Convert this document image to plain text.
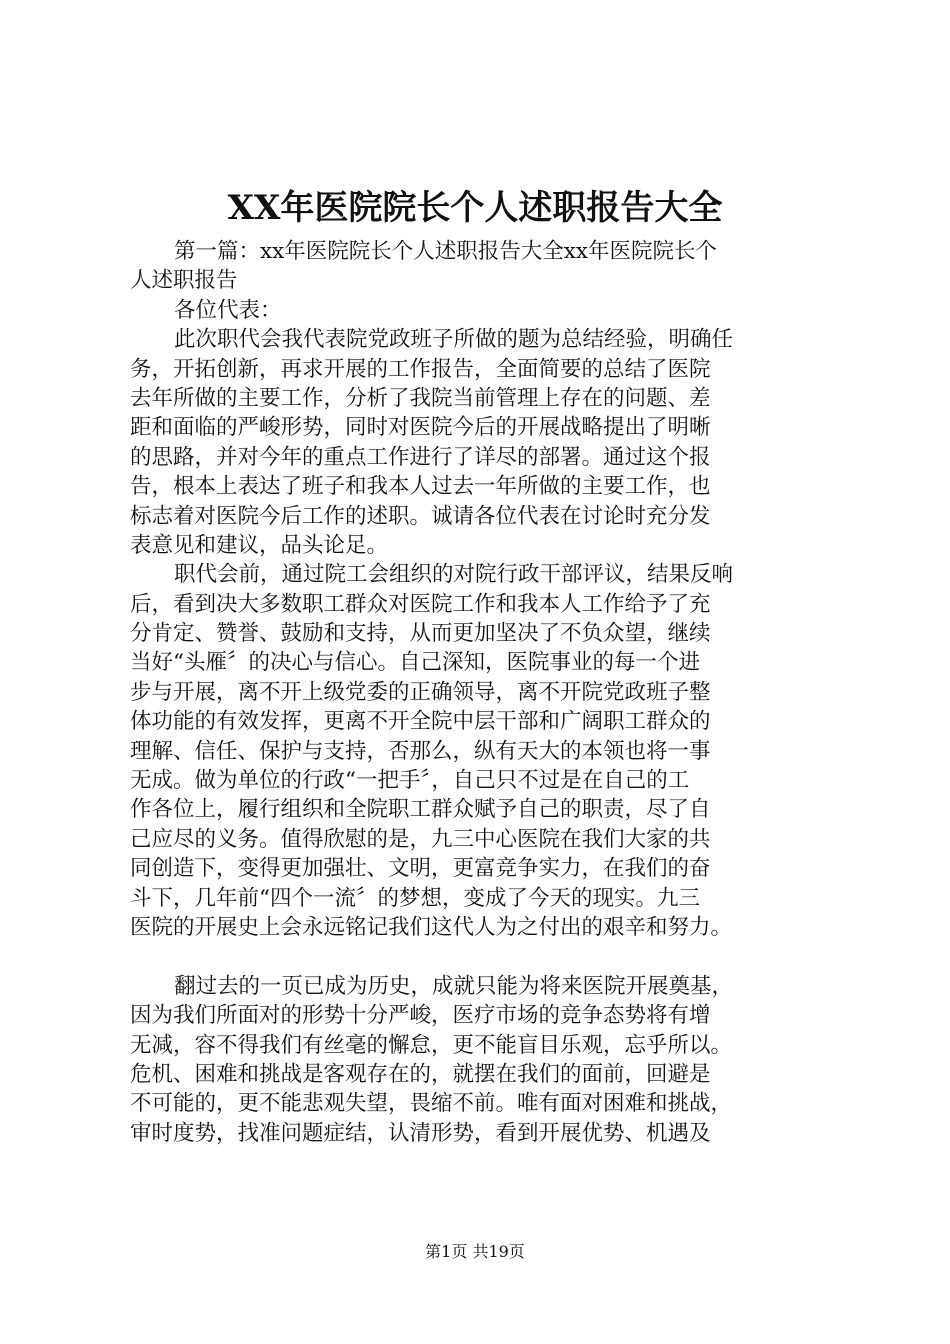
XX年医院院长个人述职报告大全
第一篇：xx年医院院长个人述职报告大全xx年医院院长个
人述职报告
各位代表：
此次职代会我代表院党政班子所做的题为总结经验，明确任
务，开拓创新，再求开展的工作报告，全面简要的总结了医院
去年所做的主要工作，分析了我院当前管理上存在的问题、差
距和面临的严峻形势，同时对医院今后的开展战略提出了明晰
的思路，并对今年的重点工作进行了详尽的部署。通过这个报
告，根本上表达了班子和我本人过去一年所做的主要工作，也
标志着对医院今后工作的述职。诚请各位代表在讨论时充分发
表意见和建议，品头论足。
职代会前，通过院工会组织的对院行政干部评议，结果反响
后，看到决大多数职工群众对医院工作和我本人工作给予了充
分肯定、赞誉、鼓励和支持，从而更加坚决了不负众望，继续
当好“头雁〞的决心与信心。自己深知，医院事业的每一个进
步与开展，离不开上级党委的正确领导，离不开院党政班子整
体功能的有效发挥，更离不开全院中层干部和广阔职工群众的
理解、信任、保护与支持，否那么，纵有天大的本领也将一事
无成。做为单位的行政“一把手〞，自己只不过是在自己的工
作各位上，履行组织和全院职工群众赋予自己的职责，尽了自
己应尽的义务。值得欣慰的是，九三中心医院在我们大家的共
同创造下，变得更加强壮、文明，更富竞争实力，在我们的奋
斗下，几年前“四个一流〞的梦想，变成了今天的现实。九三
医院的开展史上会永远铭记我们这代人为之付出的艰辛和努力。
翻过去的一页已成为历史，成就只能为将来医院开展奠基，
因为我们所面对的形势十分严峻，医疗市场的竞争态势将有增
无减，容不得我们有丝毫的懈怠，更不能盲目乐观，忘乎所以。
危机、困难和挑战是客观存在的，就摆在我们的面前，回避是
不可能的，更不能悲观失望，畏缩不前。唯有面对困难和挑战，
审时度势，找准问题症结，认清形势，看到开展优势、机遇及
第1页 共19页
